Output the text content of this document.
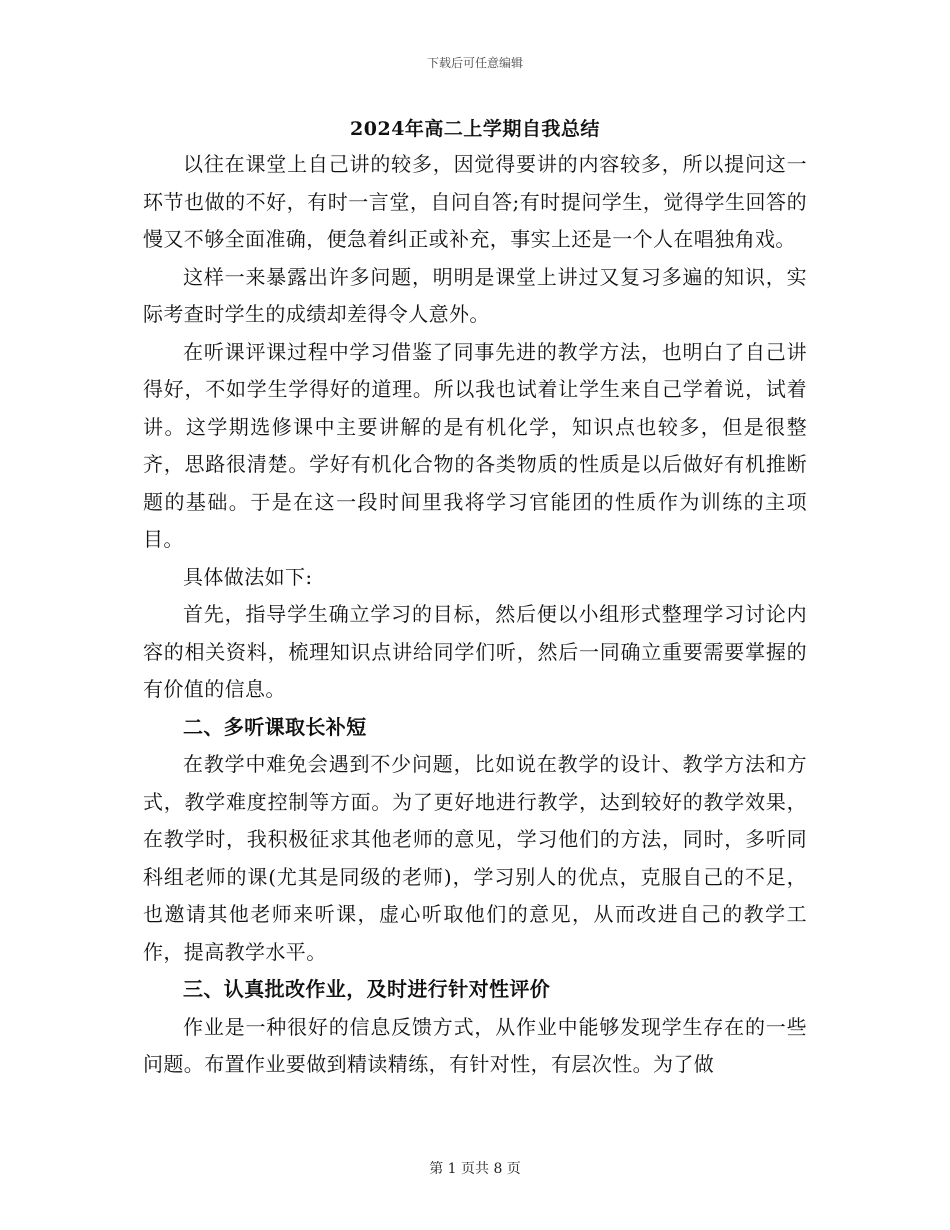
下载后可任意编辑
2024年高二上学期自我总结

以往在课堂上自己讲的较多，因觉得要讲的内容较多，所以提问这一环节也做的不好，有时一言堂，自问自答;有时提问学生，觉得学生回答的慢又不够全面准确，便急着纠正或补充，事实上还是一个人在唱独角戏。

这样一来暴露出许多问题，明明是课堂上讲过又复习多遍的知识，实际考查时学生的成绩却差得令人意外。

在听课评课过程中学习借鉴了同事先进的教学方法，也明白了自己讲得好，不如学生学得好的道理。所以我也试着让学生来自己学着说，试着讲。这学期选修课中主要讲解的是有机化学，知识点也较多，但是很整齐，思路很清楚。学好有机化合物的各类物质的性质是以后做好有机推断题的基础。于是在这一段时间里我将学习官能团的性质作为训练的主项目。

具体做法如下:

首先，指导学生确立学习的目标，然后便以小组形式整理学习讨论内容的相关资料，梳理知识点讲给同学们听，然后一同确立重要需要掌握的有价值的信息。

二、多听课取长补短

在教学中难免会遇到不少问题，比如说在教学的设计、教学方法和方式，教学难度控制等方面。为了更好地进行教学，达到较好的教学效果，在教学时，我积极征求其他老师的意见，学习他们的方法，同时，多听同科组老师的课(尤其是同级的老师)，学习别人的优点，克服自己的不足，也邀请其他老师来听课，虚心听取他们的意见，从而改进自己的教学工作，提高教学水平。

三、认真批改作业，及时进行针对性评价

作业是一种很好的信息反馈方式，从作业中能够发现学生存在的一些问题。布置作业要做到精读精练，有针对性，有层次性。为了做

第 1 页共 8 页
